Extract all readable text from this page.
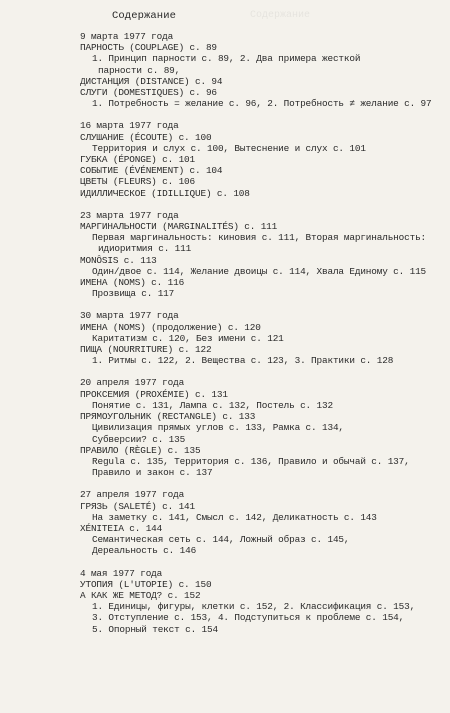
Содержание
Содержание
9 марта 1977 года
ПАРНОСТЬ (COUPLAGE) с. 89
1. Принцип парности с. 89, 2. Два примера жесткой
парности с. 89,
ДИСТАНЦИЯ (DISTANCE) с. 94
СЛУГИ (DOMESTIQUES) с. 96
1. Потребность = желание с. 96, 2. Потребность ≠ желание с. 97
16 марта 1977 года
СЛУШАНИЕ (ÉCOUTE) с. 100
Территория и слух с. 100, Вытеснение и слух с. 101
ГУБКА (ÉPONGE) с. 101
СОБЫТИЕ (ÉVÉNEMENT) с. 104
ЦВЕТЫ (FLEURS) с. 106
ИДИЛЛИЧЕСКОЕ (IDILLIQUE) с. 108
23 марта 1977 года
МАРГИНАЛЬНОСТИ (MARGINALITÉS) с. 111
Первая маргинальность: киновия с. 111, Вторая маргинальность:
идиоритмия с. 111
MONÔSIS с. 113
Один/двое с. 114, Желание двоицы с. 114, Хвала Единому с. 115
ИМЕНА (NOMS) с. 116
Прозвища с. 117
30 марта 1977 года
ИМЕНА (NOMS) (продолжение) с. 120
Каритатизм с. 120, Без имени с. 121
ПИЩА (NOURRITURE) с. 122
1. Ритмы с. 122, 2. Вещества с. 123, 3. Практики с. 128
20 апреля 1977 года
ПРОКСЕМИЯ (PROXÉMIE) с. 131
Понятие с. 131, Лампа с. 132, Постель с. 132
ПРЯМОУГОЛЬНИК (RECTANGLE) с. 133
Цивилизация прямых углов с. 133, Рамка с. 134,
Субверсии? с. 135
ПРАВИЛО (RÈGLE) с. 135
Regula с. 135, Территория с. 136, Правило и обычай с. 137,
Правило и закон с. 137
27 апреля 1977 года
ГРЯЗЬ (SALETÉ) с. 141
На заметку с. 141, Смысл с. 142, Деликатность с. 143
XÉNITEIA с. 144
Семантическая сеть с. 144, Ложный образ с. 145,
Дереальность с. 146
4 мая 1977 года
УТОПИЯ (L'UTOPIE) с. 150
А КАК ЖЕ МЕТОД? с. 152
1. Единицы, фигуры, клетки с. 152, 2. Классификация с. 153,
3. Отступление с. 153, 4. Подступиться к проблеме с. 154,
5. Опорный текст с. 154
